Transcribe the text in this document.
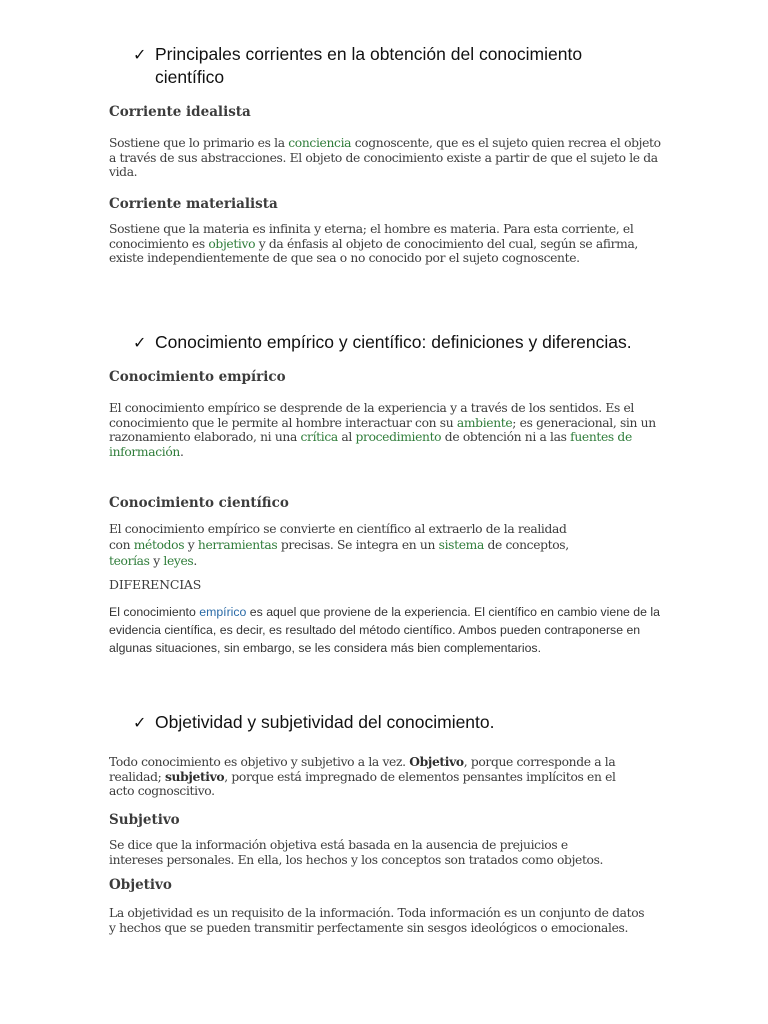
✓ Principales corrientes en la obtención del conocimiento
científico
Corriente idealista
Sostiene que lo primario es la conciencia cognoscente, que es el sujeto quien recrea el objeto a través de sus abstracciones. El objeto de conocimiento existe a partir de que el sujeto le da vida.
Corriente materialista
Sostiene que la materia es infinita y eterna; el hombre es materia. Para esta corriente, el conocimiento es objetivo y da énfasis al objeto de conocimiento del cual, según se afirma, existe independientemente de que sea o no conocido por el sujeto cognoscente.
✓ Conocimiento empírico y científico: definiciones y diferencias.
Conocimiento empírico
El conocimiento empírico se desprende de la experiencia y a través de los sentidos. Es el conocimiento que le permite al hombre interactuar con su ambiente; es generacional, sin un razonamiento elaborado, ni una crítica al procedimiento de obtención ni a las fuentes de información.
Conocimiento científico
El conocimiento empírico se convierte en científico al extraerlo de la realidad con métodos y herramientas precisas. Se integra en un sistema de conceptos, teorías y leyes.
DIFERENCIAS
El conocimiento empírico es aquel que proviene de la experiencia. El científico en cambio viene de la evidencia científica, es decir, es resultado del método científico. Ambos pueden contraponerse en algunas situaciones, sin embargo, se les considera más bien complementarios.
✓ Objetividad y subjetividad del conocimiento.
Todo conocimiento es objetivo y subjetivo a la vez. Objetivo, porque corresponde a la realidad; subjetivo, porque está impregnado de elementos pensantes implícitos en el acto cognoscitivo.
Subjetivo
Se dice que la información objetiva está basada en la ausencia de prejuicios e intereses personales. En ella, los hechos y los conceptos son tratados como objetos.
Objetivo
La objetividad es un requisito de la información. Toda información es un conjunto de datos y hechos que se pueden transmitir perfectamente sin sesgos ideológicos o emocionales.
